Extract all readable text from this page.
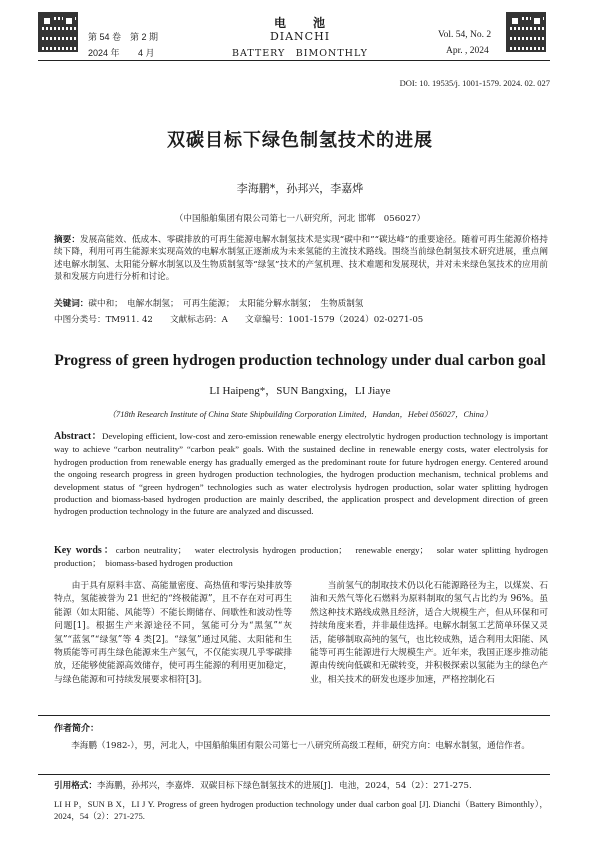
第 54 卷 第 2 期
2024 年 4 月
电　　池
DIANCHI
BATTERY　BIMONTHLY
Vol. 54, No. 2
Apr. , 2024
DOI: 10. 19535/j. 1001-1579. 2024. 02. 027
双碳目标下绿色制氢技术的进展
李海鹏*，孙邦兴，李嘉烨
（中国船舶集团有限公司第七一八研究所，河北 邯郸　056027）
摘要：发展高能效、低成本、零碳排放的可再生能源电解水制氢技术是实现“碳中和”“碳达峰”的重要途径。随着可再生能源价格持续下降，利用可再生能源来实现高效的电解水制氢正逐渐成为未来氢能的主流技术路线。围绕当前绿色制氢技术研究进展，重点阐述电解水制氢、太阳能分解水制氢以及生物质制氢等“绿氢”技术的产氢机理、技术难题和发展现状，并对未来绿色氢技术的应用前景和发展方向进行分析和讨论。
关键词：碳中和；　电解水制氢；　可再生能源；　太阳能分解水制氢；　生物质制氢
中图分类号：TM911. 42　　文献标志码：A　　文章编号：1001-1579（2024）02-0271-05
Progress of green hydrogen production technology under dual carbon goal
LI Haipeng*，SUN Bangxing，LI Jiaye
（718th Research Institute of China State Shipbuilding Corporation Limited，Handan，Hebei 056027，China）
Abstract：Developing efficient, low-cost and zero-emission renewable energy electrolytic hydrogen production technology is important way to achieve “carbon neutrality” “carbon peak” goals. With the sustained decline in renewable energy costs, water electrolysis for hydrogen production from renewable energy has gradually emerged as the predominant route for future hydrogen energy. Centered around the ongoing research progress in green hydrogen production technologies, the hydrogen production mechanism, technical problems and development status of “green hydrogen” technologies such as water electrolysis hydrogen production, solar water splitting hydrogen production and biomass-based hydrogen production are mainly described, the application prospect and development direction of green hydrogen production technology in the future are analyzed and discussed.
Key words：carbon neutrality；　water electrolysis hydrogen production；　renewable energy；　solar water splitting hydrogen production；　biomass-based hydrogen production
由于具有原料丰富、高能量密度、高热值和零污染排放等特点，氢能被誉为 21 世纪的“终极能源”，且不存在对可再生能源（如太阳能、风能等）不能长期储存、间歇性和波动性等问题[1]。根据生产来源途径不同，氢能可分为“黑氢”“灰氢”“蓝氢”“绿氢”等 4 类[2]。“绿氢”通过风能、太阳能和生物质能等可再生绿色能源来生产氢气，不仅能实现几乎零碳排放，还能够使能源高效储存，使可再生能源的利用更加稳定，与绿色能源和可持续发展要求相符[3]。
当前氢气的制取技术仍以化石能源路径为主，以煤炭、石油和天然气等化石燃料为原料制取的氢气占比约为 96%。虽然这种技术路线成熟且经济，适合大规模生产，但从环保和可持续角度来看，并非最佳选择。电解水制氢工艺简单环保又灵活，能够制取高纯的氢气，也比较成熟，适合利用太阳能、风能等可再生能源进行大规模生产。近年来，我国正逐步推动能源由传统向低碳和无碳转变，并积极探索以氢能为主的绿色产业，相关技术的研发也逐步加速，严格控制化石
作者简介：
李海鹏（1982-），男，河北人，中国船舶集团有限公司第七一八研究所高级工程师，研究方向：电解水制氢，通信作者。
引用格式：李海鹏，孙邦兴，李嘉烨．双碳目标下绿色制氢技术的进展[J]．电池，2024，54（2）：271-275.
LI H P，SUN B X，LI J Y. Progress of green hydrogen production technology under dual carbon goal [J]. Dianchi（Battery Bimonthly），2024，54（2）：271-275.
